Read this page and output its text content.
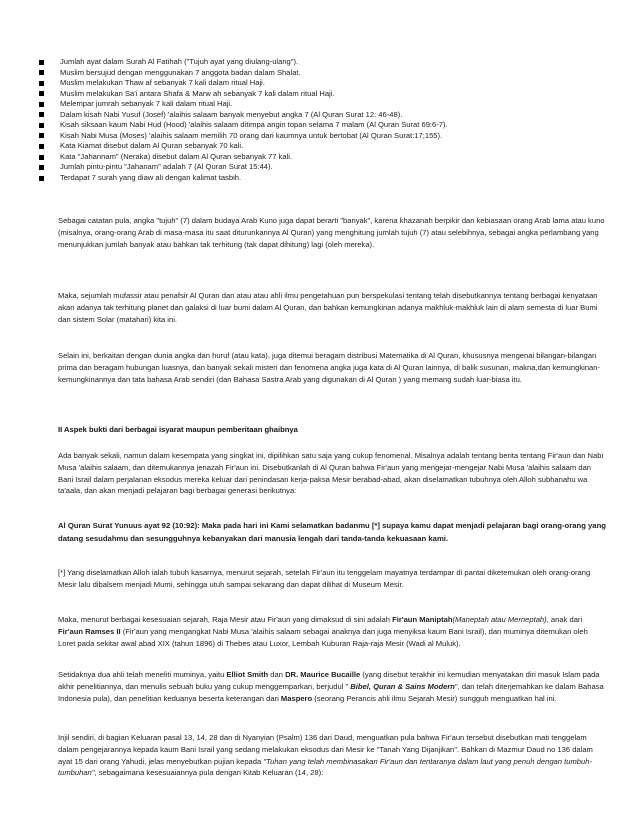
Jumlah ayat dalam Surah Al Fatihah ("Tujuh ayat yang diulang-ulang").
Muslim bersujud dengan menggunakan 7 anggota badan dalam Shalat.
Muslim melakukan Thaw af sebanyak 7 kali dalam ritual Haji.
Muslim melakukan Sa'i antara Shafa & Marw ah sebanyak 7 kali dalam ritual Haji.
Melempar jumrah sebanyak 7 kali dalam ritual Haji.
Dalam kisah Nabi Yusuf (Josef) 'alaihis salaam banyak menyebut angka 7 (Al Quran Surat 12: 46-48).
Kisah siksaan kaum Nabi Hud (Hood) 'alaihis salaam ditimpa angin topan selama 7 malam (Al Quran Surat 69:6-7).
Kisah Nabi Musa (Moses) 'alaihis salaam memilih 70 orang dari kaumnya untuk bertobat (Al Quran Surat:17;155).
Kata Kiamat disebut dalam Al Quran sebanyak 70 kali.
Kata "Jahannam" (Neraka) disebut dalam Al Quran sebanyak 77 kali.
Jumlah pintu-pintu "Jahanam" adalah 7 (Al Quran Surat 15:44).
Terdapat 7 surah yang diaw ali dengan kalimat tasbih.

Sebagai catatan pula, angka "tujuh" (7) dalam budaya Arab Kuno juga dapat berarti "banyak", karena khazanah berpikir dan kebiasaan orang Arab lama atau kuno (misalnya, orang-orang Arab di masa-masa itu saat diturunkannya Al Quran) yang menghitung jumlah tujuh (7) atau selebihnya, sebagai angka perlambang yang menunjukkan jumlah banyak atau bahkan tak terhitung (tak dapat dihitung) lagi (oleh mereka).

Maka, sejumlah mufassir atau penafsir Al Quran dan atau atau ahli ilmu pengetahuan pun berspekulasi tentang telah disebutkannya tentang berbagai kenyataan akan adanya tak terhitung planet dan galaksi di luar bumi dalam Al Quran, dan bahkan kemungkinan adanya makhluk-makhluk lain di alam semesta di luar Bumi dan sistem Solar (matahari) kita ini.

Selain ini, berkaitan dengan dunia angka dan huruf (atau kata), juga ditemui beragam distribusi Matematika di Al Quran, khususnya mengenai bilangan-bilangan prima dan beragam hubungan luasnya, dan banyak sekali misteri dan fenomena angka juga kata di Al Quran lainnya, di balik susunan, makna,dan kemungkinan-kemungkinannya dan tata bahasa Arab sendiri (dan Bahasa Sastra Arab yang digunakan di Al Quran ) yang memang sudah luar-biasa itu.

II Aspek bukti dari berbagai isyarat maupun pemberitaan ghaibnya

Ada banyak sekali, namun dalam kesempata yang singkat ini, dipilihkan satu saja yang cukup fenomenal. Misalnya adalah tentang berita tentang Fir'aun dan Nabi Musa 'alaihis salaam, dan ditemukannya jenazah Fir'aun ini. Disebutkanlah di Al Quran bahwa Fir'aun yang mengejar-mengejar Nabi Musa 'alaihis salaam dan Bani Israil dalam perjalanan eksodus mereka keluar dari penindasan kerja-paksa Mesir berabad-abad, akan diselamatkan tubuhnya oleh Alloh subhanahu wa ta'aala, dan akan menjadi pelajaran bagi berbagai generasi berikutnya:

Al Quran Surat Yunuus ayat 92 (10:92): Maka pada hari ini Kami selamatkan badanmu [*] supaya kamu dapat menjadi pelajaran bagi orang-orang yang datang sesudahmu dan sesungguhnya kebanyakan dari manusia lengah dari tanda-tanda kekuasaan kami.

[*] Yang diselamatkan Alloh ialah tubuh kasarnya, menurut sejarah, setelah Fir'aun itu tenggelam mayatnya terdampar di pantai diketemukan oleh orang-orang Mesir lalu dibalsem menjadi Mumi, sehingga utuh sampai sekarang dan dapat dilihat di Museum Mesir.

Maka, menurut berbagai kesesuaian sejarah, Raja Mesir atau Fir'aun yang dimaksud di sini adalah Fir'aun Maniptah(Maneptah atau Merneptah), anak dari Fir'aun Ramses II (Fir'aun yang mengangkat Nabi Musa 'alaihis salaam sebagai anaknya dan juga menyiksa kaum Bani Israil), dan muminya ditemukan oleh Loret pada sekitar awal abad XIX (tahun 1896) di Thebes atau Luxor, Lembah Kuburan Raja-raja Mesir (Wadi al Muluk).

Setidaknya dua ahli telah meneliti muminya, yaitu Elliot Smith dan DR. Maurice Bucaille (yang disebut terakhir ini kemudian menyatakan diri masuk Islam pada akhir penelitiannya, dan menulis sebuah buku yang cukup menggemparkan, berjudul " Bibel, Quran & Sains Modern", dan telah diterjemahkan ke dalam Bahasa Indonesia pula), dan penelitian keduanya beserta keterangan dari Maspero (seorang Perancis ahli ilmu Sejarah Mesir) sungguh menguatkan hal ini.

Injil sendiri, di bagian Keluaran pasal 13, 14, 28 dan di Nyanyian (Psalm) 136 dari Daud, menguatkan pula bahwa Fir'aun tersebut disebutkan mati tenggelam dalam pengejarannya kepada kaum Bani Israil yang sedang melakukan eksodus dari Mesir ke "Tanah Yang Dijanjikan". Bahkan di Mazmur Daud no 136 dalam ayat 15 dari orang Yahudi, jelas menyebutkan pujian kepada "Tuhan yang telah membinasakan Fir'aun dan tentaranya dalam laut yang penuh dengan tumbuh-tumbuhan", sebagaimana kesesuaiannya pula dengan Kitab Keluaran (14, 28):
